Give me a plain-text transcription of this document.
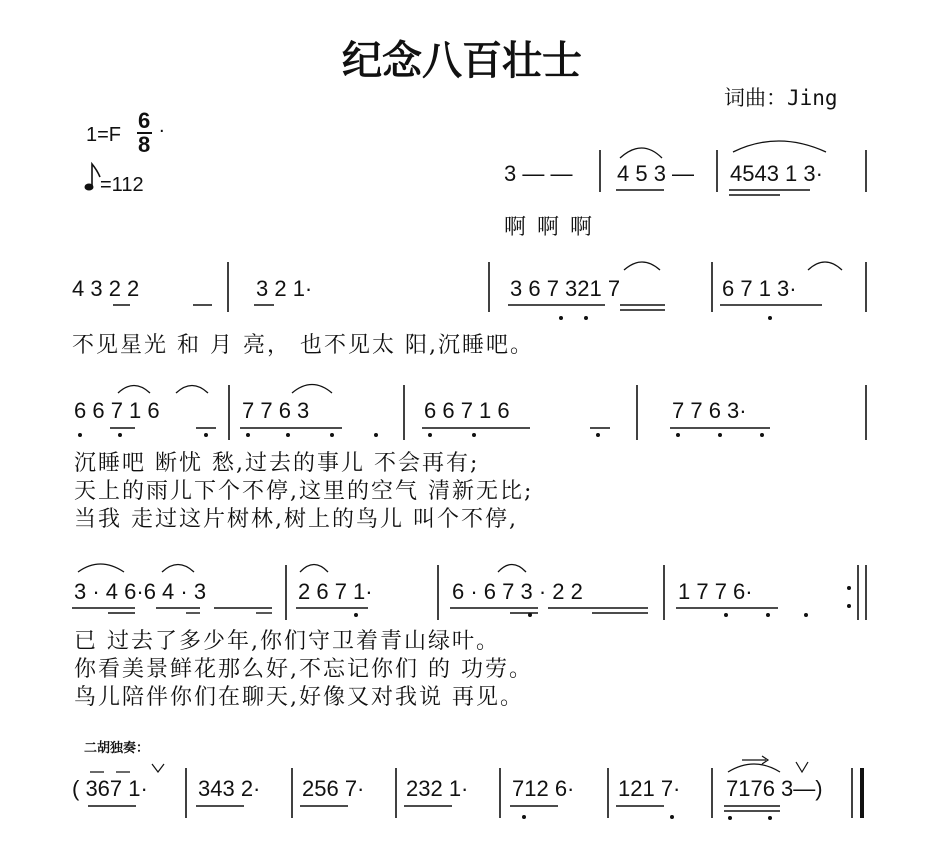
纪念八百壮士
词曲：Jing
1=F
6
8
.
=112	3 — — 4 5 3 — 4543 1 3·
啊 啊 啊
4 3 2 2	3 2 1·	3 6 7 321 7	6 7 1 3·
不见星光 和 月 亮， 也不见太 阳,沉睡吧。
6 6 7 1 6	7 7 6 3	6 6 7 1 6	7 7 6 3·
沉睡吧 断忧 愁,过去的事儿 不会再有;
天上的雨儿下个不停,这里的空气 清新无比;
当我 走过这片树林,树上的鸟儿 叫个不停,
3 · 4 6·6 4 · 3	2 6 7 1·	6 · 6 7 3 · 2 2	1 7 7 6·
已 过去了多少年,你们守卫着青山绿叶。
你看美景鲜花那么好,不忘记你们 的 功劳。
鸟儿陪伴你们在聊天,好像又对我说 再见。
二胡独奏：
( 367 1· 343 2· 256 7· 232 1· 712 6· 121 7· 7176 3—)
